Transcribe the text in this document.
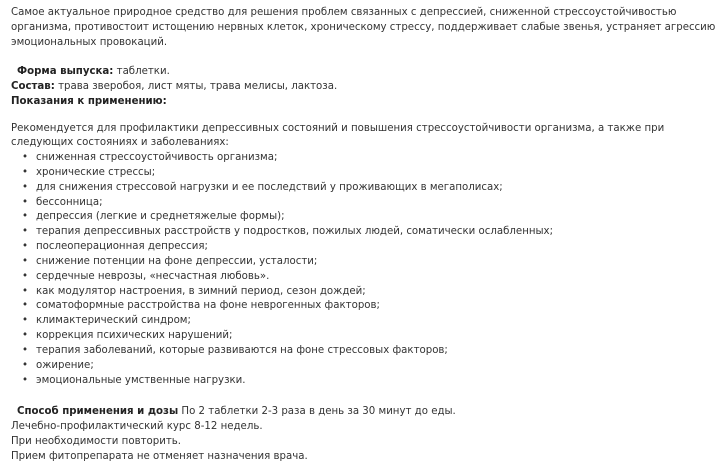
Самое актуальное природное средство для решения проблем связанных с депрессией, сниженной стрессоустойчивостью
организма, противостоит истощению нервных клеток, хроническому стрессу, поддерживает слабые звенья, устраняет агрессию
эмоциональных провокаций.
Форма выпуска: таблетки.
Состав: трава зверобоя, лист мяты, трава мелисы, лактоза.
Показания к применению:
Рекомендуется для профилактики депрессивных состояний и повышения стрессоустойчивости организма, а также при
следующих состояниях и заболеваниях:
• сниженная стрессоустойчивость организма;
• хронические стрессы;
• для снижения стрессовой нагрузки и ее последствий у проживающих в мегаполисах;
• бессонница;
• депрессия (легкие и среднетяжелые формы);
• терапия депрессивных расстройств у подростков, пожилых людей, соматически ослабленных;
• послеоперационная депрессия;
• снижение потенции на фоне депрессии, усталости;
• сердечные неврозы, «несчастная любовь».
• как модулятор настроения, в зимний период, сезон дождей;
• соматоформные расстройства на фоне неврогенных факторов;
• климактерический синдром;
• коррекция психических нарушений;
• терапия заболеваний, которые развиваются на фоне стрессовых факторов;
• ожирение;
• эмоциональные умственные нагрузки.
Способ применения и дозы По 2 таблетки 2-3 раза в день за 30 минут до еды.
Лечебно-профилактический курс 8-12 недель.
При необходимости повторить.
Прием фитопрепарата не отменяет назначения врача.
